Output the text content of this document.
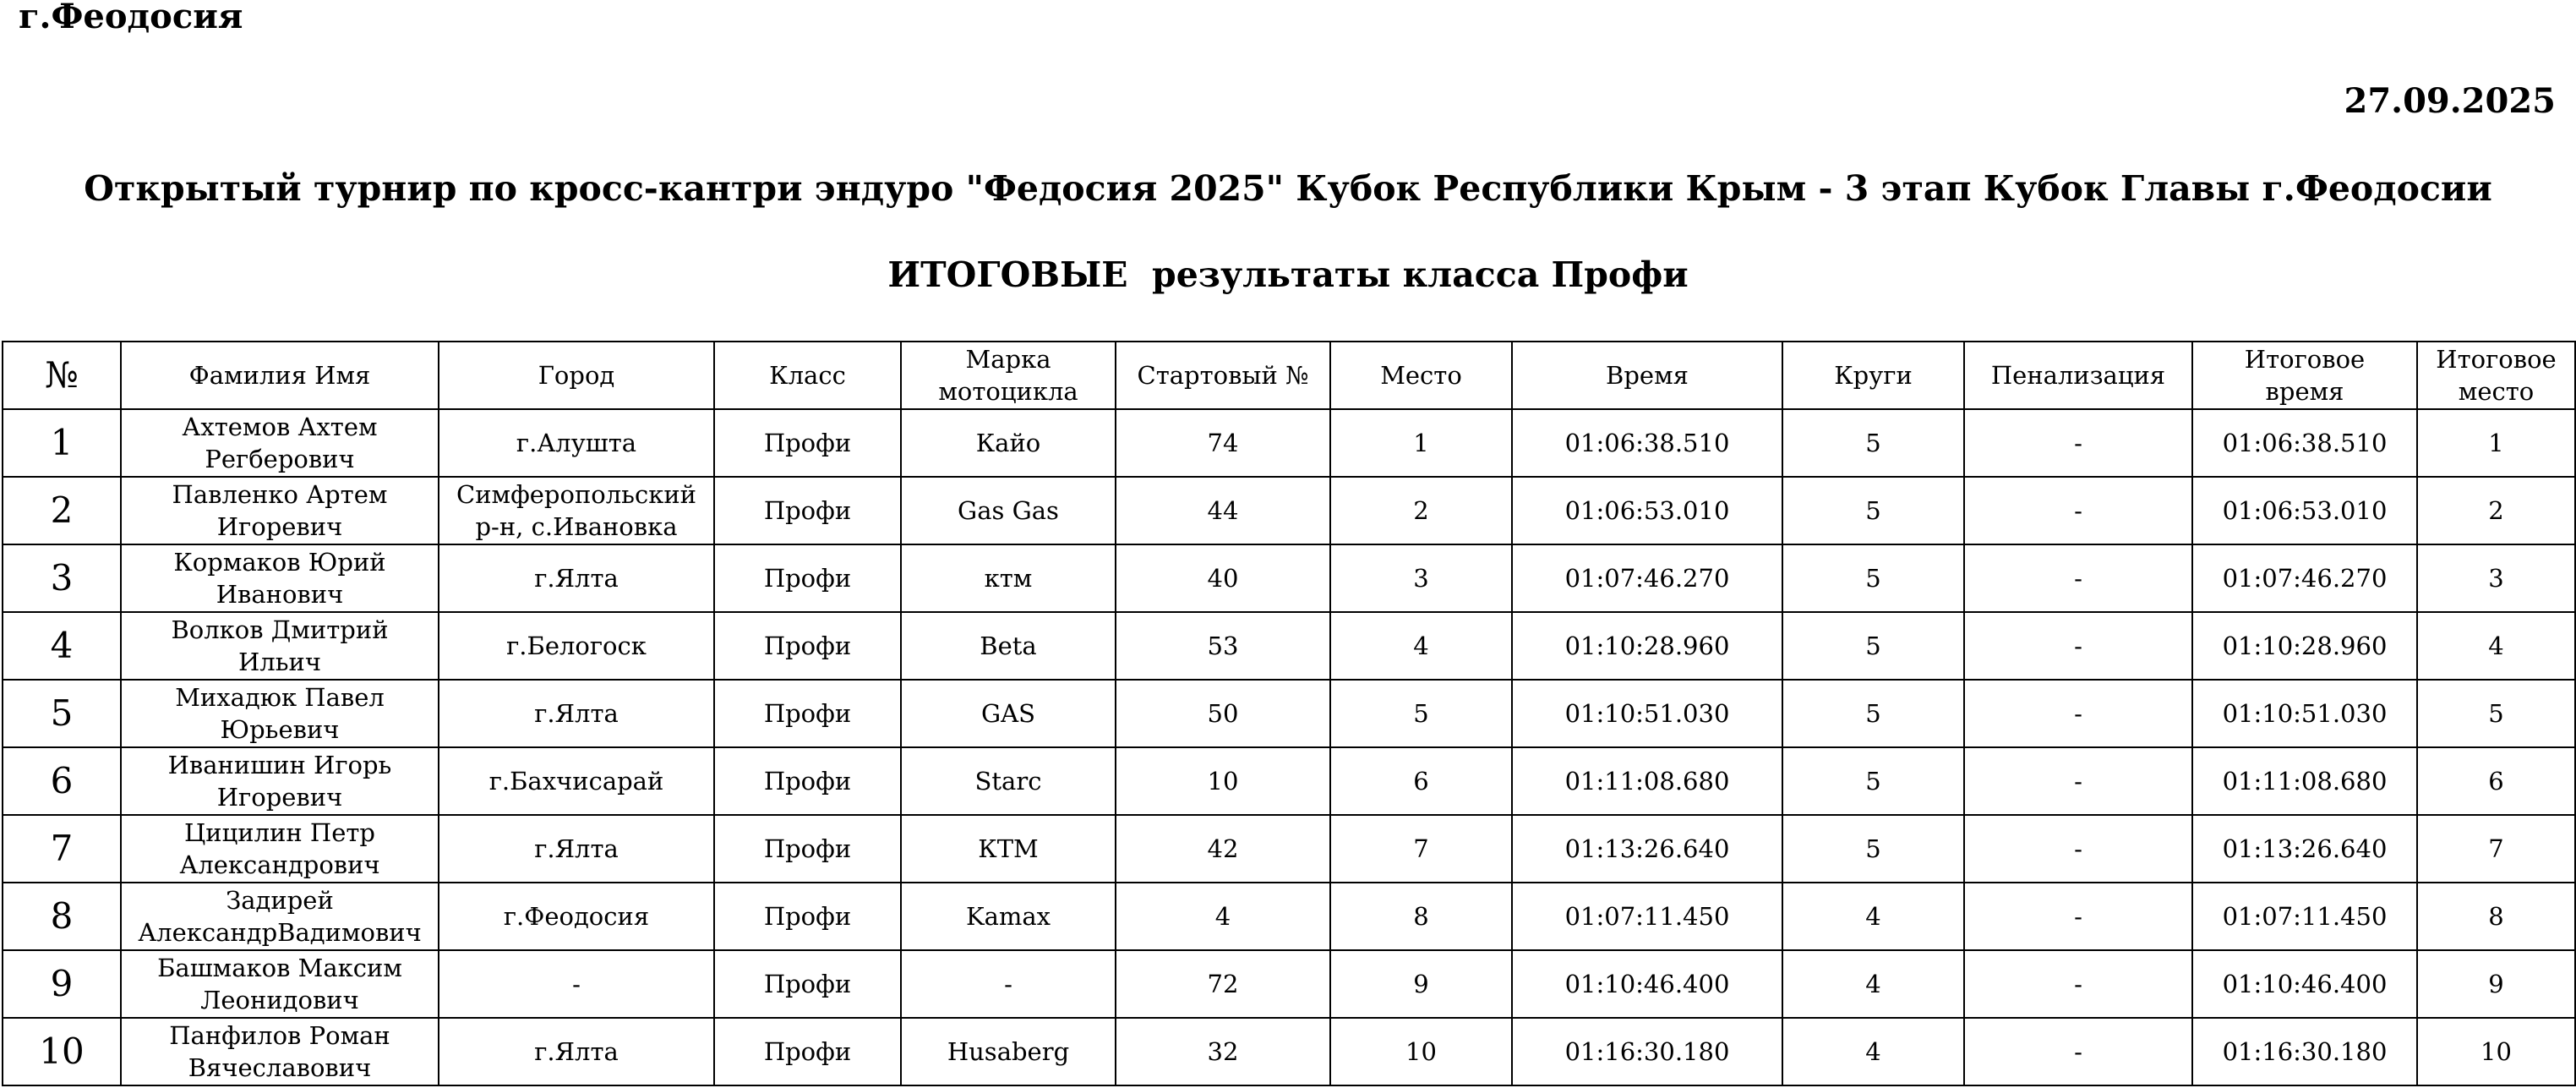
г.Феодосия
27.09.2025
Открытый турнир по кросс-кантри эндуро "Федосия 2025" Кубок Республики Крым - 3 этап Кубок Главы г.Феодосии
ИТОГОВЫЕ  результаты класса Профи
№	Фамилия Имя	Город	Класс	Марка
мотоцикла	Стартовый №	Место	Время	Круги	Пенализация	Итоговое
время	Итоговое
место
1	Ахтемов Ахтем
Регберович	г.Алушта	Профи	Кайо	74	1	01:06:38.510	5	-	01:06:38.510	1
2	Павленко Артем
Игоревич	Симферопольский
р-н, с.Ивановка	Профи	Gas Gas	44	2	01:06:53.010	5	-	01:06:53.010	2
3	Кормаков Юрий
Иванович	г.Ялта	Профи	ктм	40	3	01:07:46.270	5	-	01:07:46.270	3
4	Волков Дмитрий
Ильич	г.Белогоск	Профи	Beta	53	4	01:10:28.960	5	-	01:10:28.960	4
5	Михадюк Павел
Юрьевич	г.Ялта	Профи	GAS	50	5	01:10:51.030	5	-	01:10:51.030	5
6	Иванишин Игорь
Игоревич	г.Бахчисарай	Профи	Starc	10	6	01:11:08.680	5	-	01:11:08.680	6
7	Цицилин Петр
Александрович	г.Ялта	Профи	КТМ	42	7	01:13:26.640	5	-	01:13:26.640	7
8	Задирей
АлександрВадимович	г.Феодосия	Профи	Kamax	4	8	01:07:11.450	4	-	01:07:11.450	8
9	Башмаков Максим
Леонидович	-	Профи	-	72	9	01:10:46.400	4	-	01:10:46.400	9
10	Панфилов Роман
Вячеславович	г.Ялта	Профи	Husaberg	32	10	01:16:30.180	4	-	01:16:30.180	10
